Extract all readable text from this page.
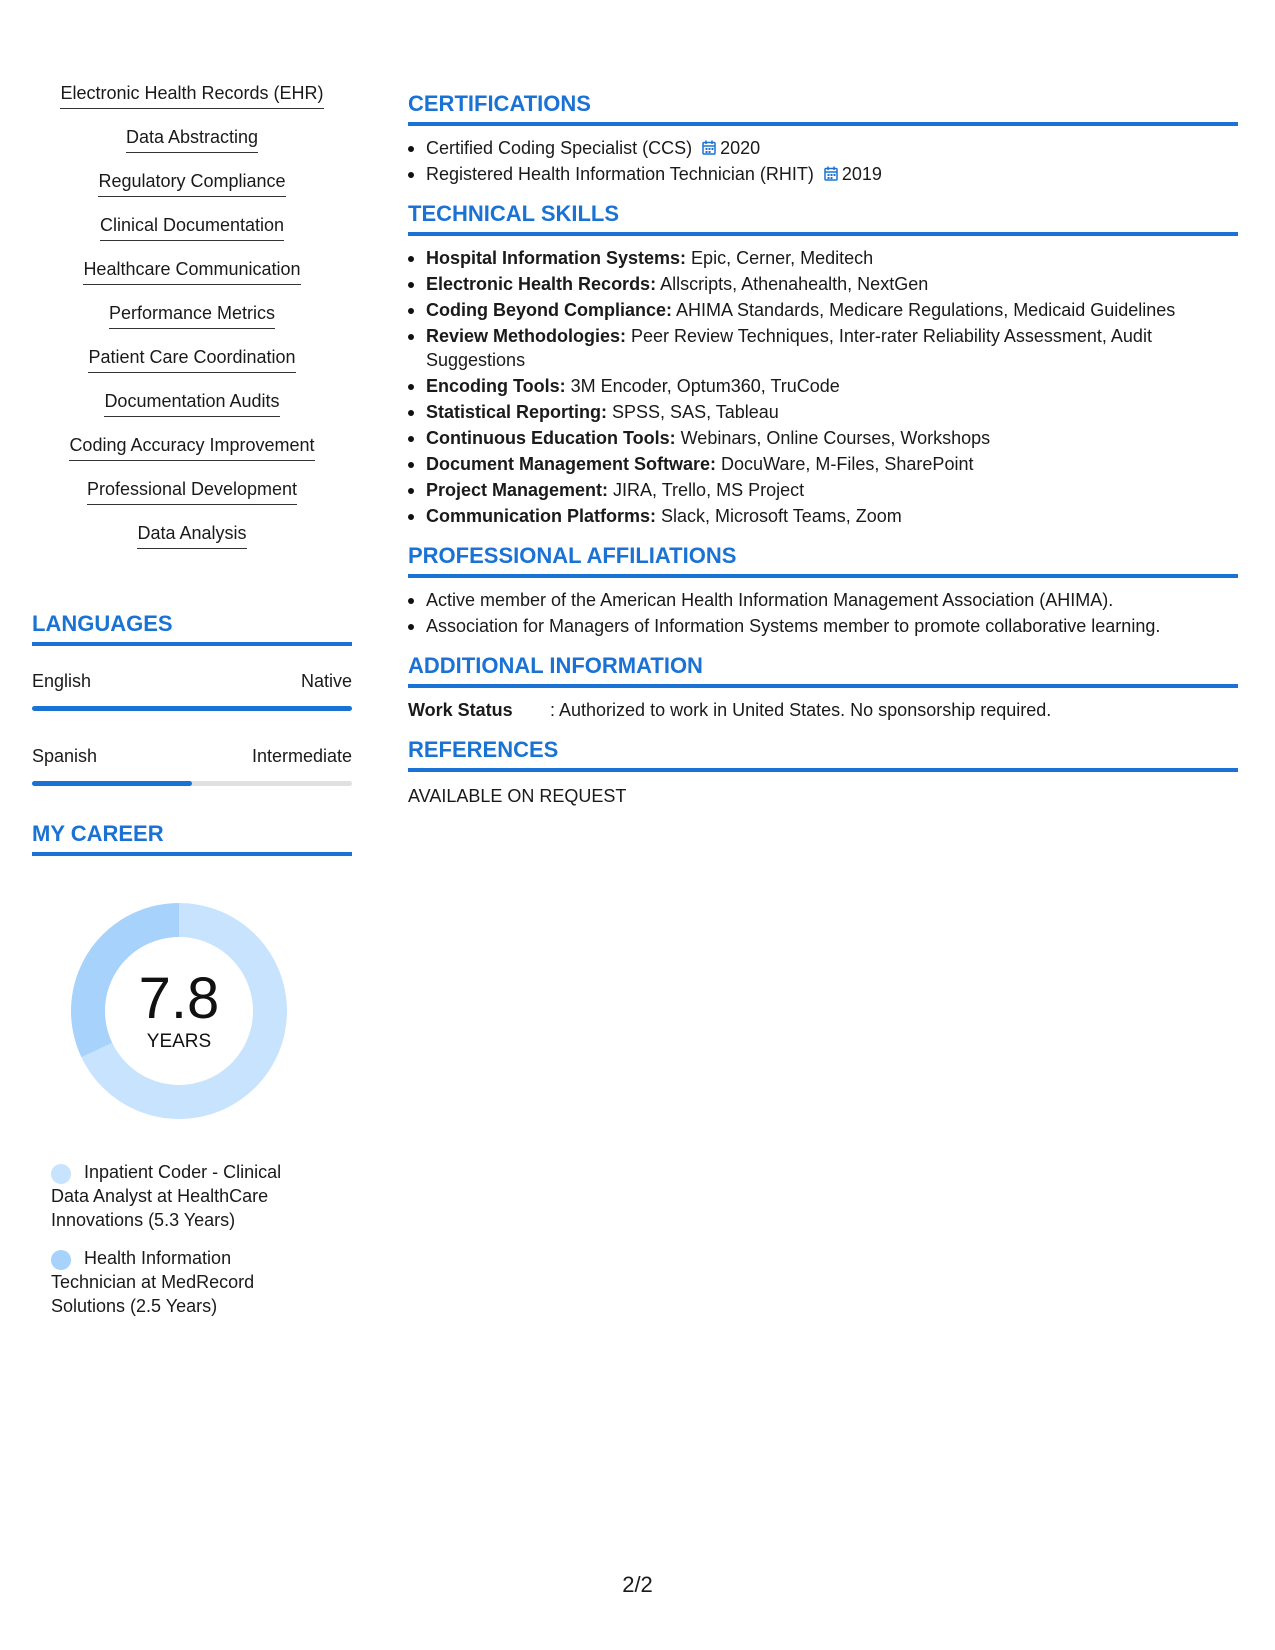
Electronic Health Records (EHR)
Data Abstracting
Regulatory Compliance
Clinical Documentation
Healthcare Communication
Performance Metrics
Patient Care Coordination
Documentation Audits
Coding Accuracy Improvement
Professional Development
Data Analysis
LANGUAGES
English	Native
Spanish	Intermediate
MY CAREER
7.8
YEARS
Inpatient Coder - Clinical Data Analyst at HealthCare Innovations (5.3 Years)
Health Information Technician at MedRecord Solutions (2.5 Years)
CERTIFICATIONS
Certified Coding Specialist (CCS) 2020
Registered Health Information Technician (RHIT) 2019
TECHNICAL SKILLS
Hospital Information Systems: Epic, Cerner, Meditech
Electronic Health Records: Allscripts, Athenahealth, NextGen
Coding Beyond Compliance: AHIMA Standards, Medicare Regulations, Medicaid Guidelines
Review Methodologies: Peer Review Techniques, Inter-rater Reliability Assessment, Audit Suggestions
Encoding Tools: 3M Encoder, Optum360, TruCode
Statistical Reporting: SPSS, SAS, Tableau
Continuous Education Tools: Webinars, Online Courses, Workshops
Document Management Software: DocuWare, M-Files, SharePoint
Project Management: JIRA, Trello, MS Project
Communication Platforms: Slack, Microsoft Teams, Zoom
PROFESSIONAL AFFILIATIONS
Active member of the American Health Information Management Association (AHIMA).
Association for Managers of Information Systems member to promote collaborative learning.
ADDITIONAL INFORMATION
Work Status	: Authorized to work in United States. No sponsorship required.
REFERENCES
AVAILABLE ON REQUEST
2/2
